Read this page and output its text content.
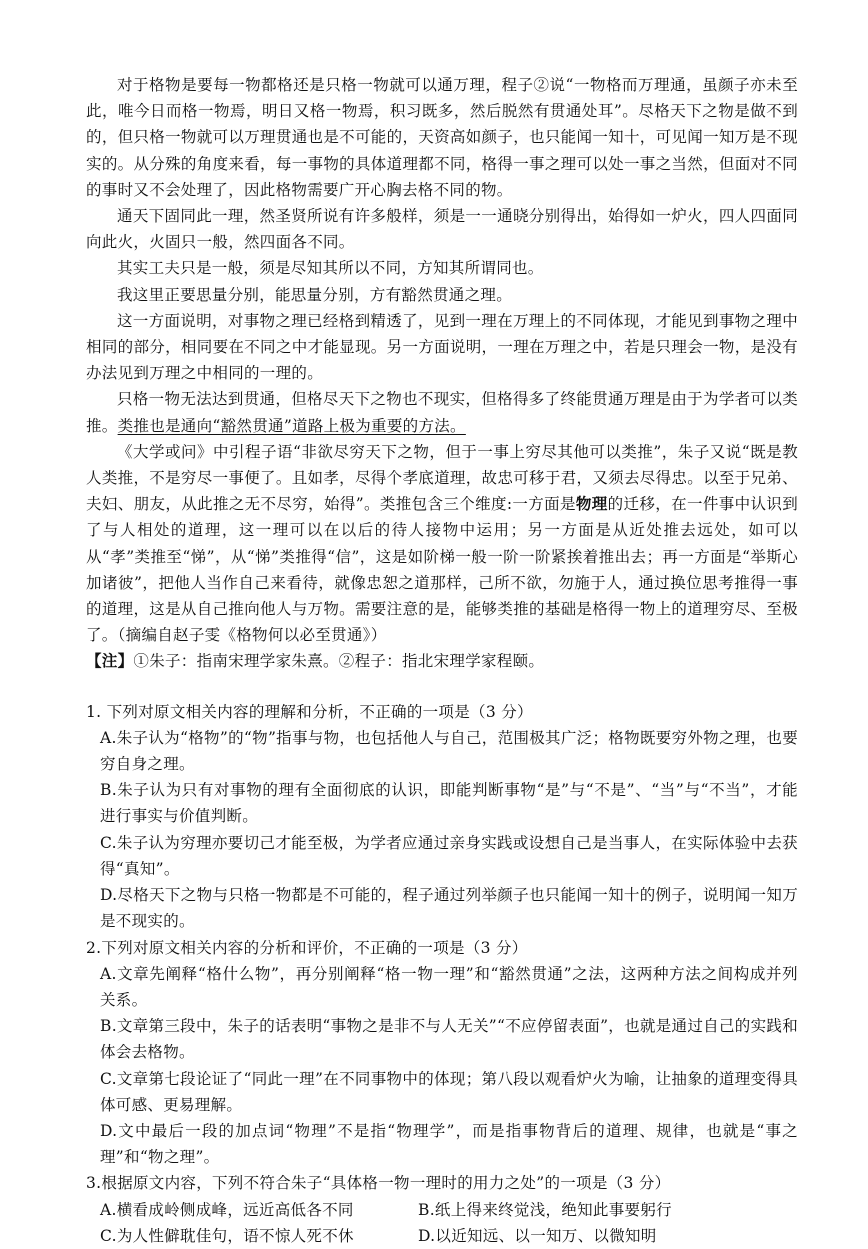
对于格物是要每一物都格还是只格一物就可以通万理，程子②说“一物格而万理通，虽颜子亦未至此，唯今日而格一物焉，明日又格一物焉，积习既多，然后脱然有贯通处耳”。尽格天下之物是做不到的，但只格一物就可以万理贯通也是不可能的，天资高如颜子，也只能闻一知十，可见闻一知万是不现实的。从分殊的角度来看，每一事物的具体道理都不同，格得一事之理可以处一事之当然，但面对不同的事时又不会处理了，因此格物需要广开心胸去格不同的物。

通天下固同此一理，然圣贤所说有许多般样，须是一一通晓分别得出，始得如一炉火，四人四面同向此火，火固只一般，然四面各不同。

其实工夫只是一般，须是尽知其所以不同，方知其所谓同也。

我这里正要思量分别，能思量分别，方有豁然贯通之理。

这一方面说明，对事物之理已经格到精透了，见到一理在万理上的不同体现，才能见到事物之理中相同的部分，相同要在不同之中才能显现。另一方面说明，一理在万理之中，若是只理会一物，是没有办法见到万理之中相同的一理的。

只格一物无法达到贯通，但格尽天下之物也不现实，但格得多了终能贯通万理是由于为学者可以类推。类推也是通向“豁然贯通”道路上极为重要的方法。

《大学或问》中引程子语“非欲尽穷天下之物，但于一事上穷尽其他可以类推”，朱子又说“既是教人类推，不是穷尽一事便了。且如孝，尽得个孝底道理，故忠可移于君，又须去尽得忠。以至于兄弟、夫妇、朋友，从此推之无不尽穷，始得”。类推包含三个维度:一方面是物理的迁移，在一件事中认识到了与人相处的道理，这一理可以在以后的待人接物中运用；另一方面是从近处推去远处，如可以从“孝”类推至“悌”，从“悌”类推得“信”，这是如阶梯一般一阶一阶紧挨着推出去；再一方面是“举斯心加诸彼”，把他人当作自己来看待，就像忠恕之道那样，己所不欲，勿施于人，通过换位思考推得一事的道理，这是从自己推向他人与万物。需要注意的是，能够类推的基础是格得一物上的道理穷尽、至极了。（摘编自赵子雯《格物何以必至贯通》）

【注】①朱子：指南宋理学家朱熹。②程子：指北宋理学家程颐。

1. 下列对原文相关内容的理解和分析，不正确的一项是（3 分）

A.朱子认为“格物”的“物”指事与物，也包括他人与自己，范围极其广泛；格物既要穷外物之理，也要穷自身之理。

B.朱子认为只有对事物的理有全面彻底的认识，即能判断事物“是”与“不是”、“当”与“不当”，才能进行事实与价值判断。

C.朱子认为穷理亦要切己才能至极，为学者应通过亲身实践或设想自己是当事人，在实际体验中去获得“真知”。

D.尽格天下之物与只格一物都是不可能的，程子通过列举颜子也只能闻一知十的例子，说明闻一知万是不现实的。

2.下列对原文相关内容的分析和评价，不正确的一项是（3 分）

A.文章先阐释“格什么物”，再分别阐释“格一物一理”和“豁然贯通”之法，这两种方法之间构成并列关系。

B.文章第三段中，朱子的话表明“事物之是非不与人无关”“不应停留表面”，也就是通过自己的实践和体会去格物。

C.文章第七段论证了“同此一理”在不同事物中的体现；第八段以观看炉火为喻，让抽象的道理变得具体可感、更易理解。

D.文中最后一段的加点词“物理”不是指“物理学”，而是指事物背后的道理、规律，也就是“事之理”和“物之理”。

3.根据原文内容，下列不符合朱子“具体格一物一理时的用力之处”的一项是（3 分）

A.横看成岭侧成峰，远近高低各不同	B.纸上得来终觉浅，绝知此事要躬行
C.为人性僻耽佳句，语不惊人死不休	D.以近知远、以一知万、以微知明
